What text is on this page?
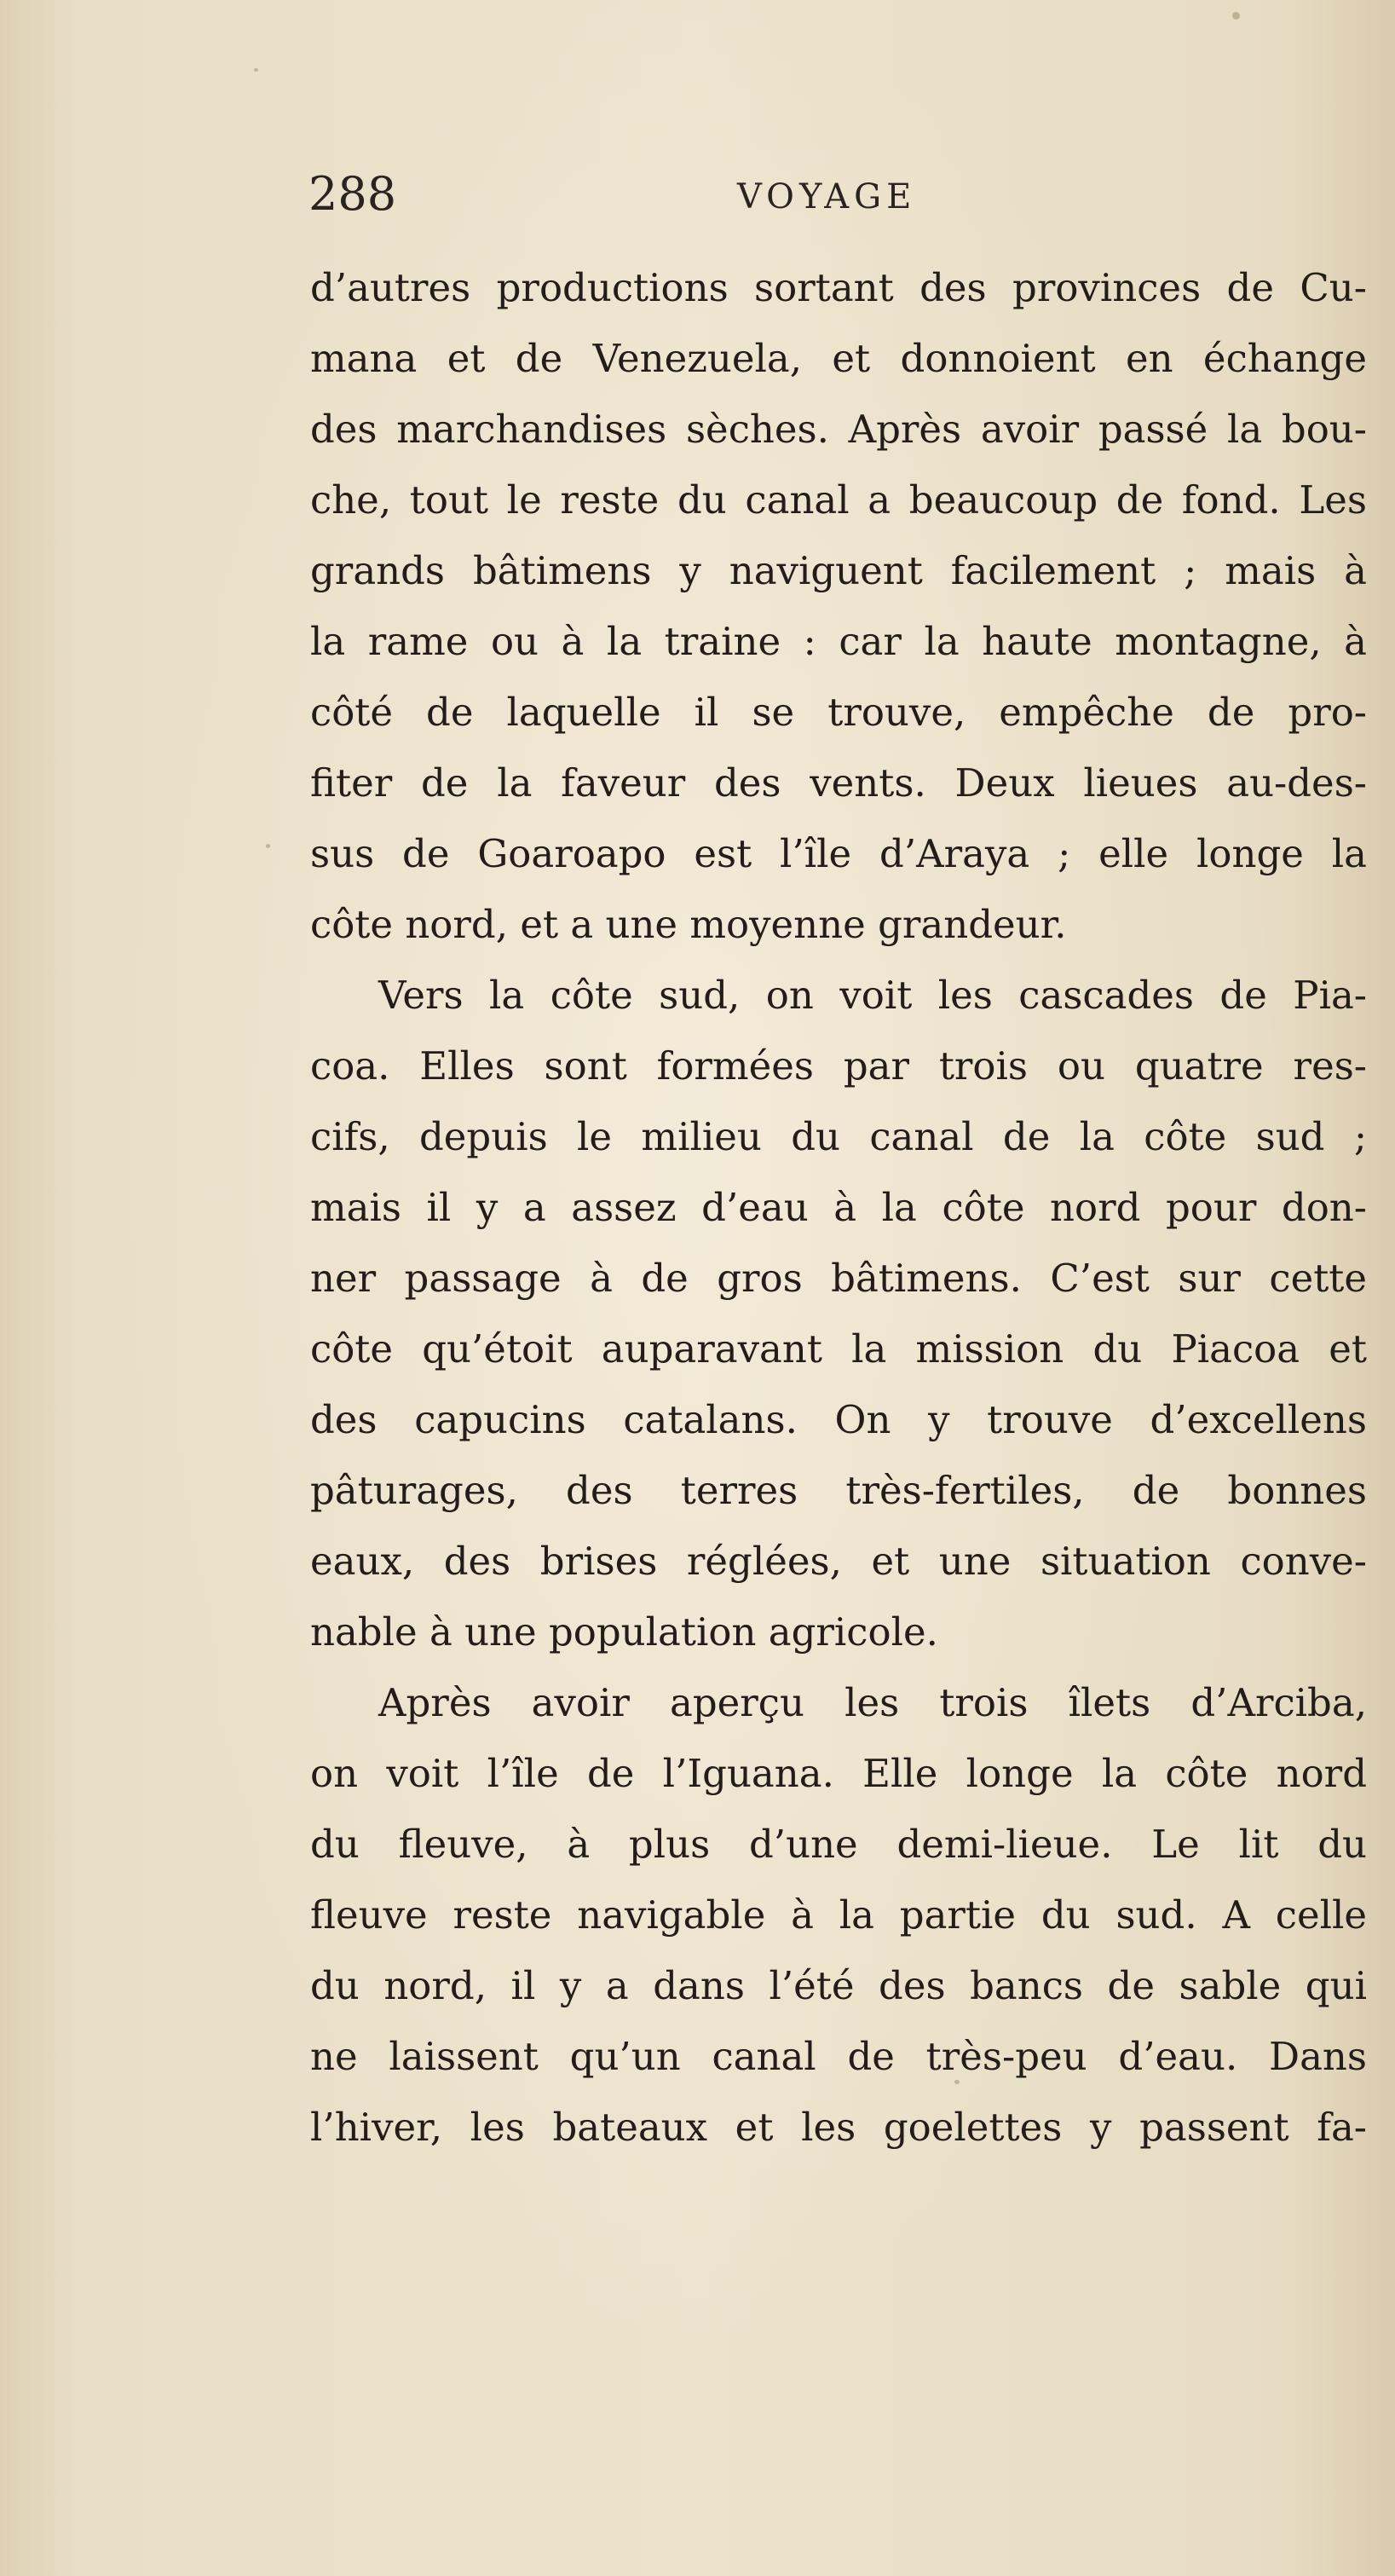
288	VOYAGE
d’autres productions sortant des provinces de Cu-
mana et de Venezuela, et donnoient en échange
des marchandises sèches. Après avoir passé la bou-
che, tout le reste du canal a beaucoup de fond. Les
grands bâtimens y naviguent facilement ; mais à
la rame ou à la traine : car la haute montagne, à
côté de laquelle il se trouve, empêche de pro-
fiter de la faveur des vents. Deux lieues au-des-
sus de Goaroapo est l’île d’Araya ; elle longe la
côte nord, et a une moyenne grandeur.
Vers la côte sud, on voit les cascades de Pia-
coa. Elles sont formées par trois ou quatre res-
cifs, depuis le milieu du canal de la côte sud ;
mais il y a assez d’eau à la côte nord pour don-
ner passage à de gros bâtimens. C’est sur cette
côte qu’étoit auparavant la mission du Piacoa et
des capucins catalans. On y trouve d’excellens
pâturages, des terres très-fertiles, de bonnes
eaux, des brises réglées, et une situation conve-
nable à une population agricole.
Après avoir aperçu les trois îlets d’Arciba,
on voit l’île de l’Iguana. Elle longe la côte nord
du fleuve, à plus d’une demi-lieue. Le lit du
fleuve reste navigable à la partie du sud. A celle
du nord, il y a dans l’été des bancs de sable qui
ne laissent qu’un canal de très-peu d’eau. Dans
l’hiver, les bateaux et les goelettes y passent fa-
